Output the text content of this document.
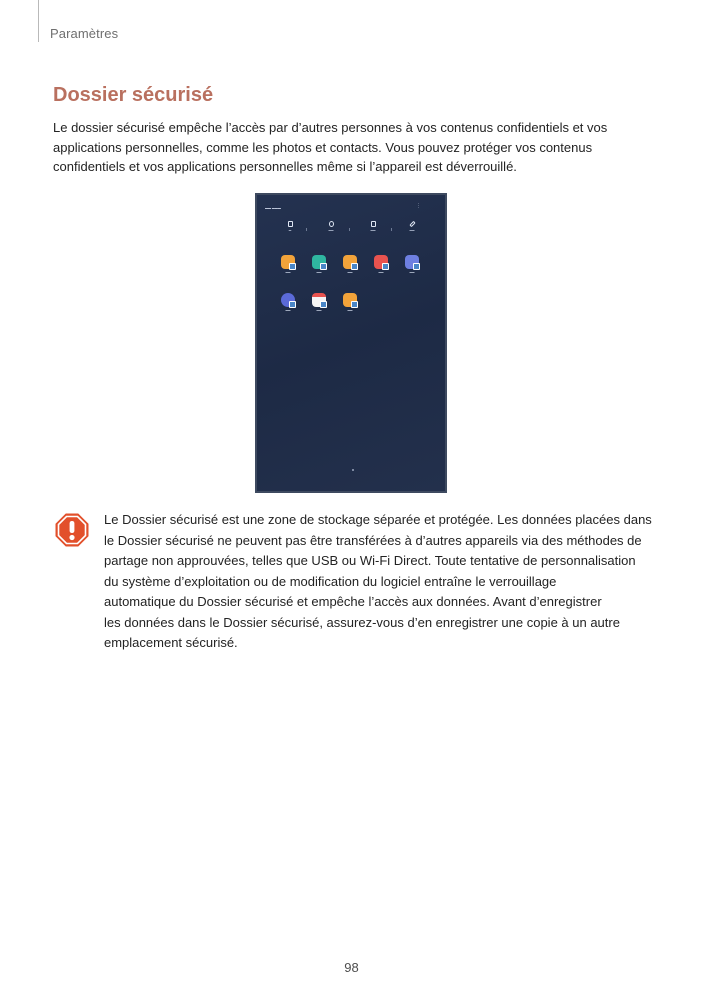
Paramètres
Dossier sécurisé

Le dossier sécurisé empêche l’accès par d’autres personnes à vos contenus confidentiels et vos
applications personnelles, comme les photos et contacts. Vous pouvez protéger vos contenus
confidentiels et vos applications personnelles même si l’appareil est déverrouillé.

▬▬ ▬▬▬	⋮
▬	▬▬	▬▬	▬▬
▬▬	▬▬	▬▬	▬▬	▬▬
▬▬	▬▬	▬▬

Le Dossier sécurisé est une zone de stockage séparée et protégée. Les données placées dans
le Dossier sécurisé ne peuvent pas être transférées à d’autres appareils via des méthodes de
partage non approuvées, telles que USB ou Wi-Fi Direct. Toute tentative de personnalisation
du système d’exploitation ou de modification du logiciel entraîne le verrouillage
automatique du Dossier sécurisé et empêche l’accès aux données. Avant d’enregistrer
les données dans le Dossier sécurisé, assurez-vous d’en enregistrer une copie à un autre
emplacement sécurisé.

98
